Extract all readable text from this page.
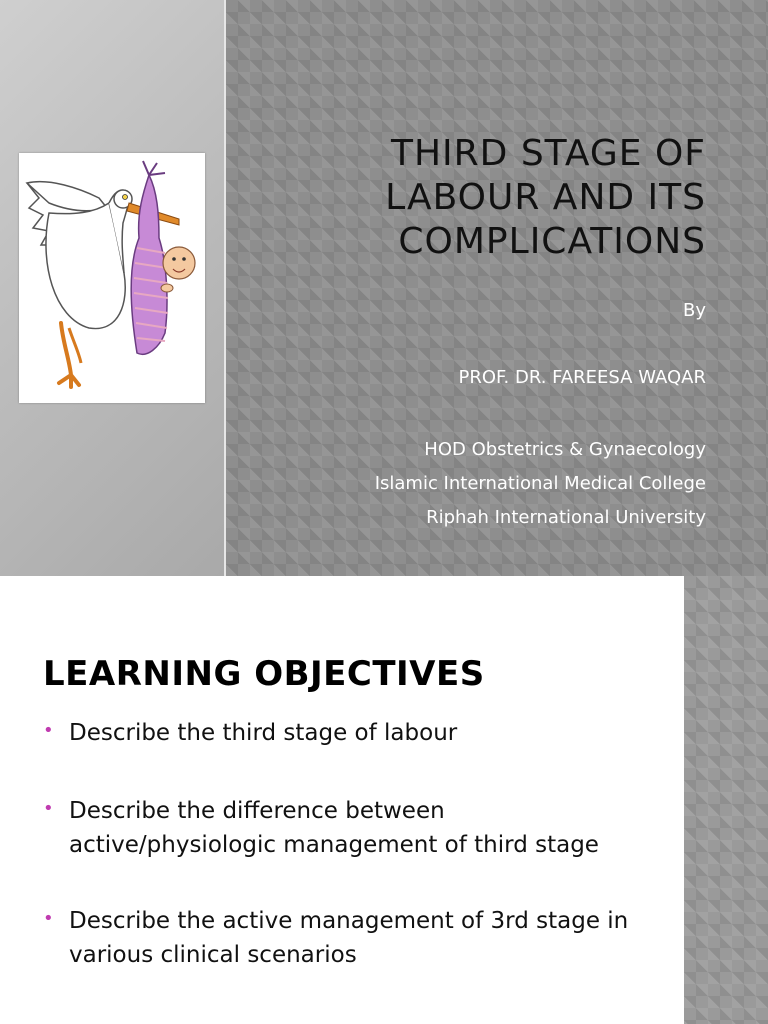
THIRD STAGE OF LABOUR AND ITS COMPLICATIONS
By
PROF. DR. FAREESA WAQAR
HOD Obstetrics & Gynaecology
Islamic International Medical College
Riphah International University
LEARNING OBJECTIVES
• Describe the third stage of labour
• Describe the difference between active/physiologic management of third stage
• Describe the active management of 3rd stage in various clinical scenarios
